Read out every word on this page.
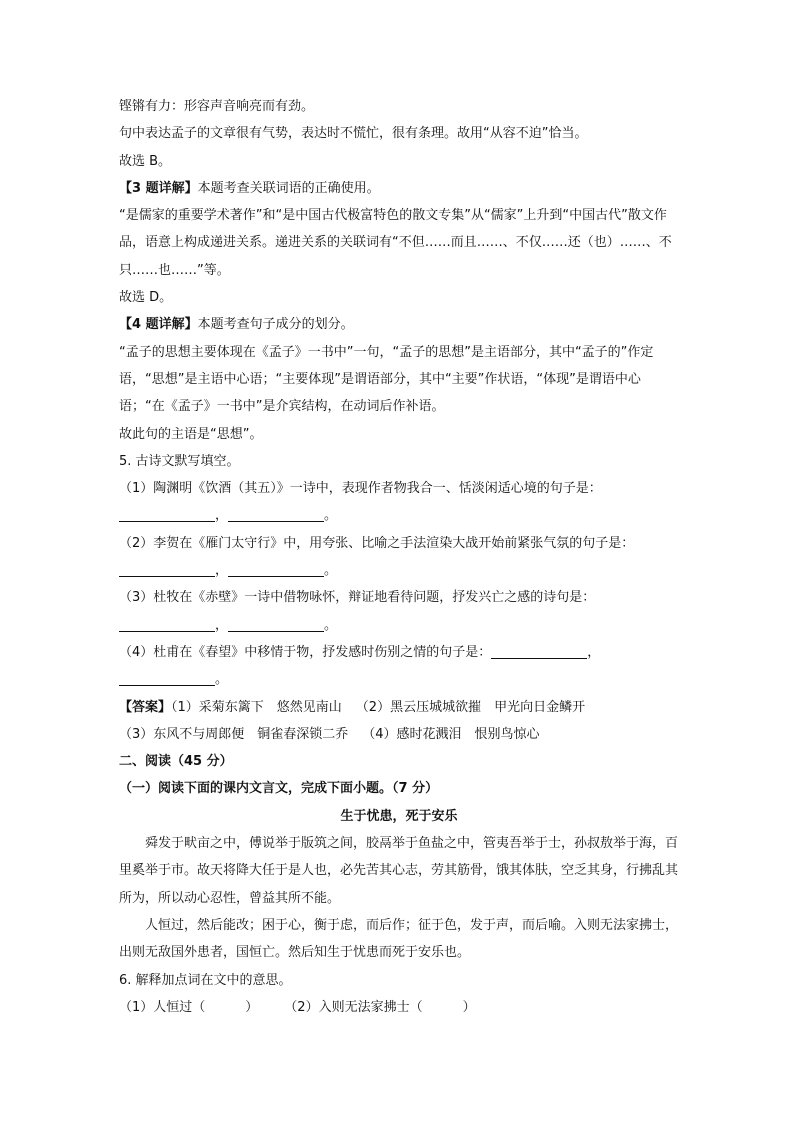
铿锵有力：形容声音响亮而有劲。
句中表达孟子的文章很有气势，表达时不慌忙，很有条理。故用“从容不迫”恰当。
故选 B。
【3 题详解】本题考查关联词语的正确使用。
“是儒家的重要学术著作”和“是中国古代极富特色的散文专集”从“儒家”上升到“中国古代”散文作品，语意上构成递进关系。递进关系的关联词有“不但……而且……、不仅……还（也）……、不只……也……”等。
故选 D。
【4 题详解】本题考查句子成分的划分。
“孟子的思想主要体现在《孟子》一书中”一句，“孟子的思想”是主语部分，其中“孟子的”作定语，“思想”是主语中心语；“主要体现”是谓语部分，其中“主要”作状语，“体现”是谓语中心语；“在《孟子》一书中”是介宾结构，在动词后作补语。
故此句的主语是“思想”。
5. 古诗文默写填空。
（1）陶渊明《饮酒（其五）》一诗中，表现作者物我合一、恬淡闲适心境的句子是：
，	。
（2）李贺在《雁门太守行》中，用夸张、比喻之手法渲染大战开始前紧张气氛的句子是：
，	。
（3）杜牧在《赤壁》一诗中借物咏怀，辩证地看待问题，抒发兴亡之感的诗句是：
，	。
（4）杜甫在《春望》中移情于物，抒发感时伤别之情的句子是：	，
。
【答案】（1）采菊东篱下　悠然见南山 （2）黑云压城城欲摧　甲光向日金鳞开
（3）东风不与周郎便　铜雀春深锁二乔 （4）感时花溅泪　恨别鸟惊心
二、阅读（45 分）
（一）阅读下面的课内文言文，完成下面小题。（7 分）
生于忧患，死于安乐
舜发于畎亩之中，傅说举于版筑之间，胶鬲举于鱼盐之中，管夷吾举于士，孙叔敖举于海，百里奚举于市。故天将降大任于是人也，必先苦其心志，劳其筋骨，饿其体肤，空乏其身，行拂乱其所为，所以动心忍性，曾益其所不能。
人恒过，然后能改；困于心，衡于虑，而后作；征于色，发于声，而后喻。入则无法家拂士，出则无敌国外患者，国恒亡。然后知生于忧患而死于安乐也。
6. 解释加点词在文中的意思。
（1）人恒过（	） （2）入则无法家拂士（	）
